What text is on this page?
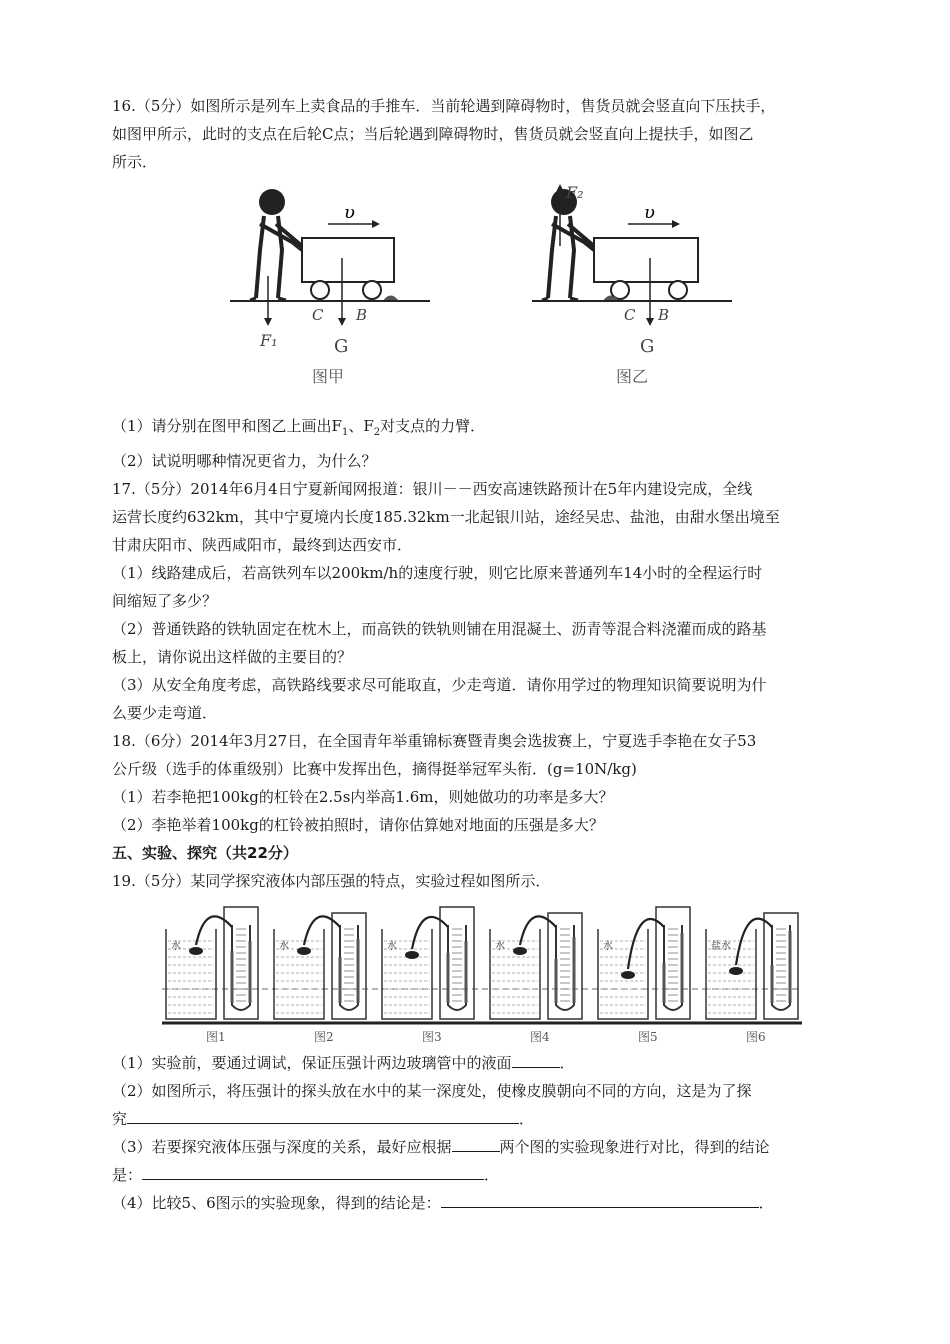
16.（5分）如图所示是列车上卖食品的手推车．当前轮遇到障碍物时，售货员就会竖直向下压扶手，

如图甲所示，此时的支点在后轮C点；当后轮遇到障碍物时，售货员就会竖直向上提扶手，如图乙

所示．

υ
F₁
C B
G
图甲
υ
F₂
C B
G
图乙

（1）请分别在图甲和图乙上画出$F_1$、$F_2$对支点的力臂．

（2）试说明哪种情况更省力，为什么？

17.（5分）2014年6月4日宁夏新闻网报道：银川－－西安高速铁路预计在5年内建设完成，全线

运营长度约632km，其中宁夏境内长度185.32km一北起银川站，途经吴忠、盐池，由甜水堡出境至

甘肃庆阳市、陕西咸阳市，最终到达西安市．

（1）线路建成后，若高铁列车以200km/h的速度行驶，则它比原来普通列车14小时的全程运行时

间缩短了多少？

（2）普通铁路的铁轨固定在枕木上，而高铁的铁轨则铺在用混凝土、沥青等混合料浇灌而成的路基

板上，请你说出这样做的主要目的？

（3）从安全角度考虑，高铁路线要求尽可能取直，少走弯道．请你用学过的物理知识简要说明为什

么要少走弯道．

18.（6分）2014年3月27日，在全国青年举重锦标赛暨青奥会选拔赛上，宁夏选手李艳在女子53

公斤级（选手的体重级别）比赛中发挥出色，摘得挺举冠军头衔．(g=10N/kg)

（1）若李艳把100kg的杠铃在2.5s内举高1.6m，则她做功的功率是多大？

（2）李艳举着100kg的杠铃被拍照时，请你估算她对地面的压强是多大？

五、实验、探究（共22分）

19.（5分）某同学探究液体内部压强的特点，实验过程如图所示．

水
图1
水
图2
水
图3
水
图4
水
图5
盐水
图6

（1）实验前，要通过调试，保证压强计两边玻璃管中的液面	．

（2）如图所示，将压强计的探头放在水中的某一深度处，使橡皮膜朝向不同的方向，这是为了探

究	．

（3）若要探究液体压强与深度的关系，最好应根据	两个图的实验现象进行对比，得到的结论

是：	．

（4）比较5、6图示的实验现象，得到的结论是：	．
